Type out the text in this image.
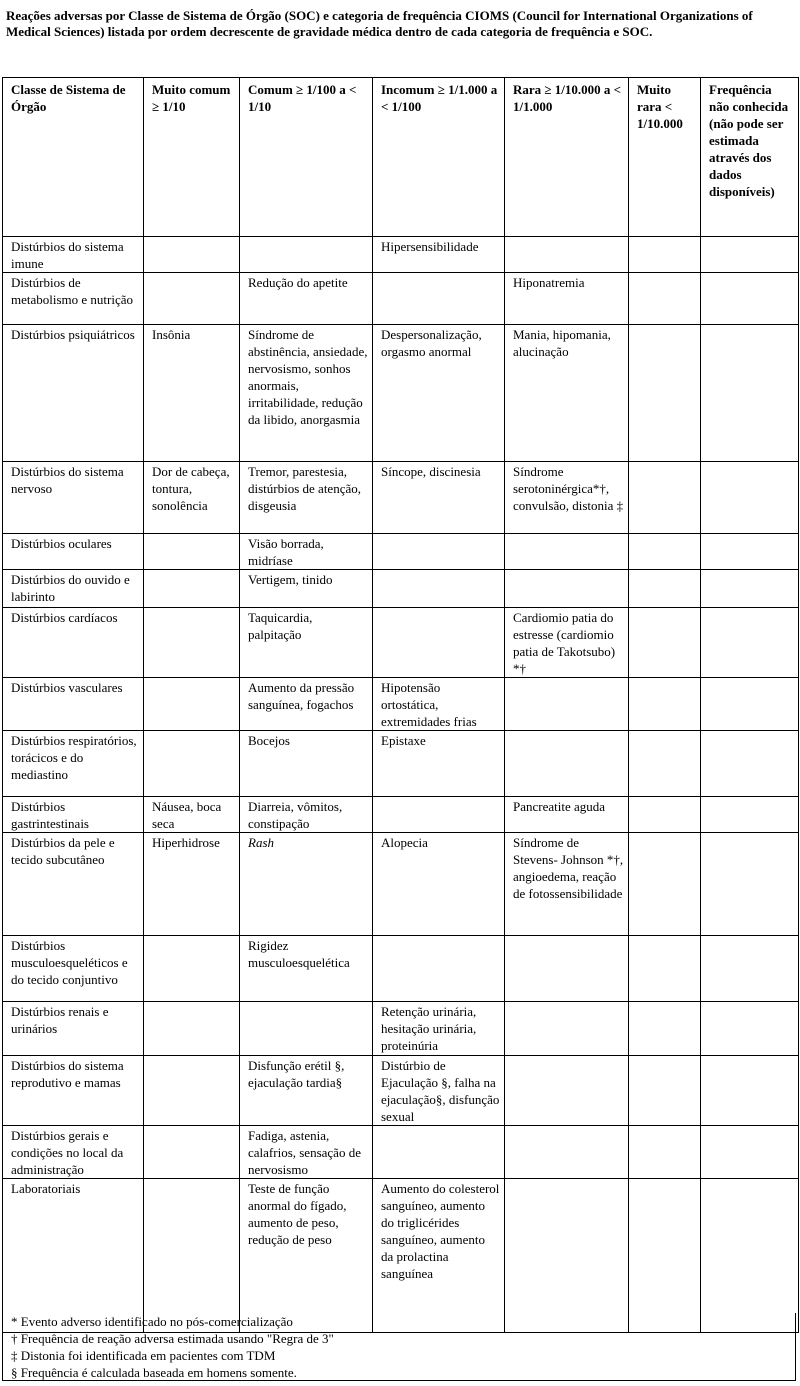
Reações adversas por Classe de Sistema de Órgão (SOC) e categoria de frequência CIOMS (Council for International Organizations of Medical Sciences) listada por ordem decrescente de gravidade médica dentro de cada categoria de frequência e SOC.
Classe de Sistema de Órgão	Muito comum ≥ 1/10	Comum ≥ 1/100 a < 1/10	Incomum ≥ 1/1.000 a < 1/100	Rara ≥ 1/10.000 a < 1/1.000	Muito rara < 1/10.000	Frequência não conhecida (não pode ser estimada através dos dados disponíveis)
Distúrbios do sistema imune			Hipersensibilidade			
Distúrbios de metabolismo e nutrição		Redução do apetite		Hiponatremia		
Distúrbios psiquiátricos	Insônia	Síndrome de abstinência, ansiedade, nervosismo, sonhos anormais, irritabilidade, redução da libido, anorgasmia	Despersonalização, orgasmo anormal	Mania, hipomania, alucinação		
Distúrbios do sistema nervoso	Dor de cabeça, tontura, sonolência	Tremor, parestesia, distúrbios de atenção, disgeusia	Síncope, discinesia	Síndrome serotoninérgica*†, convulsão, distonia ‡		
Distúrbios oculares		Visão borrada, midríase				
Distúrbios do ouvido e labirinto		Vertigem, tinido				
Distúrbios cardíacos		Taquicardia, palpitação		Cardiomio patia do estresse (cardiomio patia de Takotsubo) *†		
Distúrbios vasculares		Aumento da pressão sanguínea, fogachos	Hipotensão ortostática, extremidades frias			
Distúrbios respiratórios, torácicos e do mediastino		Bocejos	Epistaxe			
Distúrbios gastrintestinais	Náusea, boca seca	Diarreia, vômitos, constipação		Pancreatite aguda		
Distúrbios da pele e tecido subcutâneo	Hiperhidrose	Rash	Alopecia	Síndrome de Stevens- Johnson *†, angioedema, reação de fotossensibilidade		
Distúrbios musculoesqueléticos e do tecido conjuntivo		Rigidez musculoesquelética				
Distúrbios renais e urinários			Retenção urinária, hesitação urinária, proteinúria			
Distúrbios do sistema reprodutivo e mamas		Disfunção erétil §, ejaculação tardia§	Distúrbio de Ejaculação §, falha na ejaculação§, disfunção sexual			
Distúrbios gerais e condições no local da administração		Fadiga, astenia, calafrios, sensação de nervosismo				
Laboratoriais		Teste de função anormal do fígado, aumento de peso, redução de peso	Aumento do colesterol sanguíneo, aumento do triglicérides sanguíneo, aumento da prolactina sanguínea			
* Evento adverso identificado no pós-comercialização
† Frequência de reação adversa estimada usando "Regra de 3"
‡ Distonia foi identificada em pacientes com TDM
§ Frequência é calculada baseada em homens somente.
